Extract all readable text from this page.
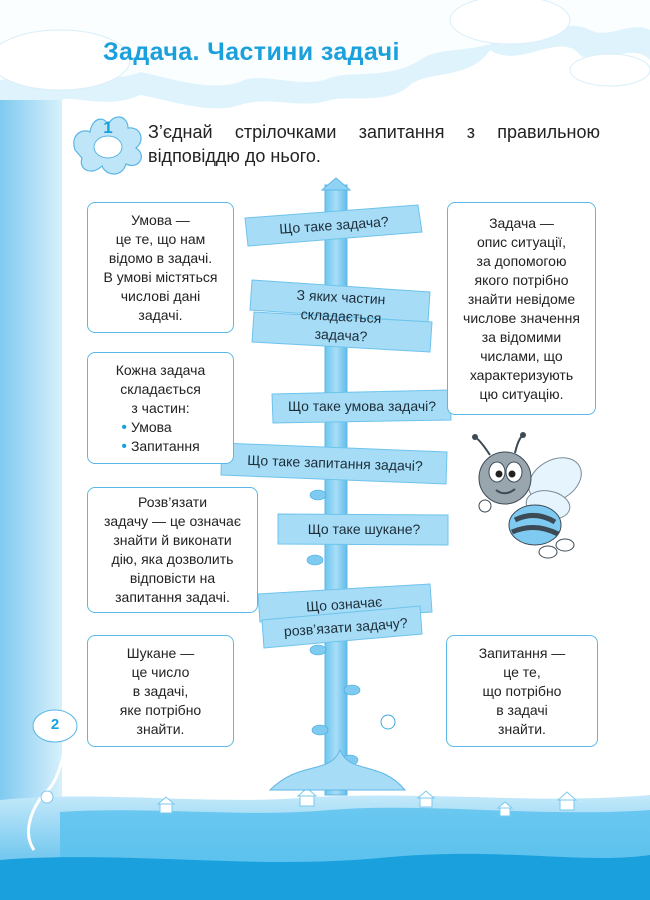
Задача. Частини задачі
1	З’єднай стрілочками запитання з правильною відповіддю до нього.
Умова —
це те, що нам
відомо в задачі.
В умові містяться
числові дані
задачі.
Кожна задача
складається
з частин:
• Умова
• Запитання
Розв’язати
задачу — це означає
знайти й виконати
дію, яка дозволить
відповісти на
запитання задачі.
Шукане —
це число
в задачі,
яке потрібно
знайти.
Задача —
опис ситуації,
за допомогою
якого потрібно
знайти невідоме
числове значення
за відомими
числами, що
характеризують
цю ситуацію.
Запитання —
це те,
що потрібно
в задачі
знайти.
Що таке задача?
З яких частин
складається
задача?
Що таке умова задачі?
Що таке запитання задачі?
Що таке шукане?
Що означає
розв’язати задачу?
2
